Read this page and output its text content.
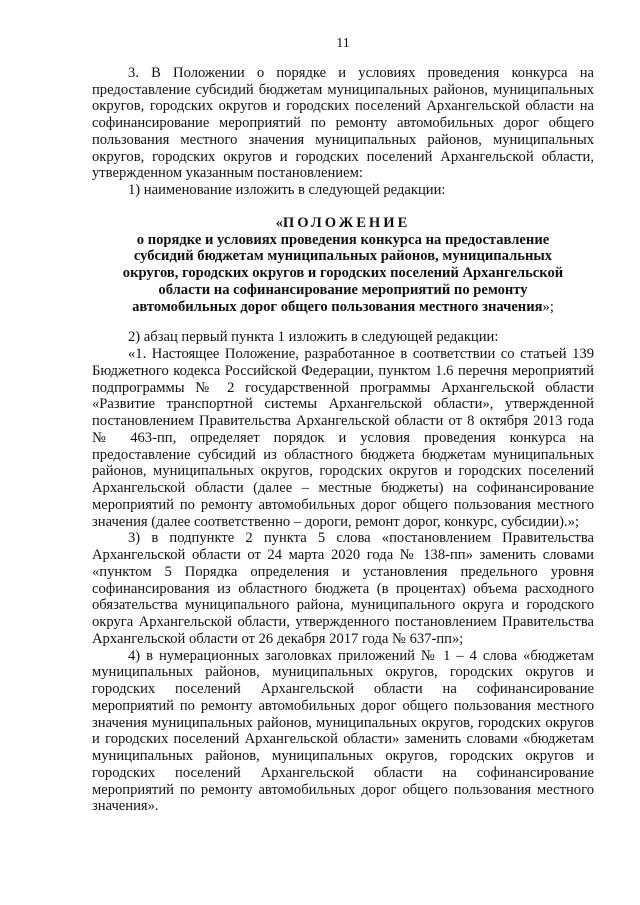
11

3. В Положении о порядке и условиях проведения конкурса на предоставление субсидий бюджетам муниципальных районов, муниципальных округов, городских округов и городских поселений Архангельской области на софинансирование мероприятий по ремонту автомобильных дорог общего пользования местного значения муниципальных районов, муниципальных округов, городских округов и городских поселений Архангельской области, утвержденном указанным постановлением:

1) наименование изложить в следующей редакции:

«ПОЛОЖЕНИЕ
о порядке и условиях проведения конкурса на предоставление
субсидий бюджетам муниципальных районов, муниципальных
округов, городских округов и городских поселений Архангельской
области на софинансирование мероприятий по ремонту
автомобильных дорог общего пользования местного значения»;

2) абзац первый пункта 1 изложить в следующей редакции:

«1. Настоящее Положение, разработанное в соответствии со статьей 139 Бюджетного кодекса Российской Федерации, пунктом 1.6 перечня мероприятий подпрограммы № 2 государственной программы Архангельской области «Развитие транспортной системы Архангельской области», утвержденной постановлением Правительства Архангельской области от 8 октября 2013 года № 463-пп, определяет порядок и условия проведения конкурса на предоставление субсидий из областного бюджета бюджетам муниципальных районов, муниципальных округов, городских округов и городских поселений Архангельской области (далее – местные бюджеты) на софинансирование мероприятий по ремонту автомобильных дорог общего пользования местного значения (далее соответственно – дороги, ремонт дорог, конкурс, субсидии).»;

3) в подпункте 2 пункта 5 слова «постановлением Правительства Архангельской области от 24 марта 2020 года № 138-пп» заменить словами «пунктом 5 Порядка определения и установления предельного уровня софинансирования из областного бюджета (в процентах) объема расходного обязательства муниципального района, муниципального округа и городского округа Архангельской области, утвержденного постановлением Правительства Архангельской области от 26 декабря 2017 года № 637-пп»;

4) в нумерационных заголовках приложений № 1 – 4 слова «бюджетам муниципальных районов, муниципальных округов, городских округов и городских поселений Архангельской области на софинансирование мероприятий по ремонту автомобильных дорог общего пользования местного значения муниципальных районов, муниципальных округов, городских округов и городских поселений Архангельской области» заменить словами «бюджетам муниципальных районов, муниципальных округов, городских округов и городских поселений Архангельской области на софинансирование мероприятий по ремонту автомобильных дорог общего пользования местного значения».
